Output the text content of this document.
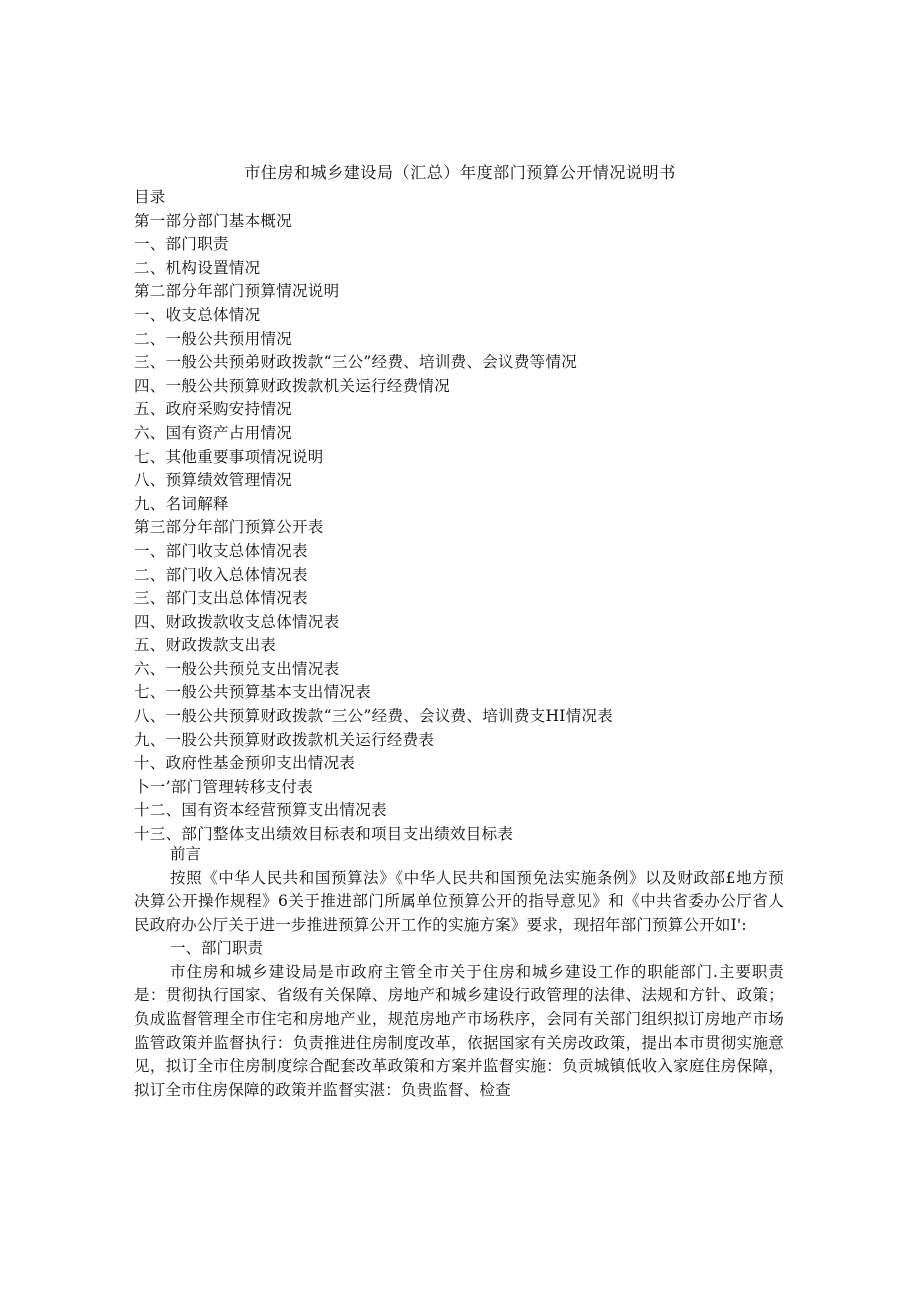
市住房和城乡建设局（汇总）年度部门预算公开情况说明书
目录
第一部分部门基本概况
一、部门职责
二、机构设置情况
第二部分年部门预算情况说明
一、收支总体情况
二、一般公共预用情况
三、一般公共预弟财政拨款“三公”经费、培训费、会议费等情况
四、一般公共预算财政拨款机关运行经费情况
五、政府采购安持情况
六、国有资产占用情况
七、其他重要事项情况说明
八、预算绩效管理情况
九、名词解释
第三部分年部门预算公开表
一、部门收支总体情况表
二、部门收入总体情况表
三、部门支出总体情况表
四、财政拨款收支总体情况表
五、财政拨款支出表
六、一般公共预兑支出情况表
七、一般公共预算基本支出情况表
八、一般公共预算财政拨款“三公”经费、会议费、培训费支HI情况表
九、一股公共预算财政拨款机关运行经费表
十、政府性基金预卯支出情况表
卜一’部门管理转移支付表
十二、国有资本经营预算支出情况表
十三、部门整体支出绩效目标表和项目支出绩效目标表
前言

按照《中华人民共和国预算法》《中华人民共和国预免法实施条例》以及财政部£地方预决算公开操作规程》6关于推进部门所属单位预算公开的指导意见》和《中共省委办公厅省人民政府办公厅关于进一步推进预算公开工作的实施方案》要求，现招年部门预算公开如I':

一、部门职责

市住房和城乡建设局是市政府主管全市关于住房和城乡建设工作的职能部门.主要职责是：贯彻执行国家、省级有关保障、房地产和城乡建设行政管理的法律、法规和方针、政策；负成监督管理全市住宅和房地产业，规范房地产市场秩序，会同有关部门组织拟订房地产市场监管政策并监督执行：负责推进住房制度改革，依据国家有关房改政策，提出本市贯彻实施意见，拟订全市住房制度综合配套改革政策和方案并监督实施：负贡城镇低收入家庭住房保障，拟订全市住房保障的政策并监督实湛：负贵监督、检查
